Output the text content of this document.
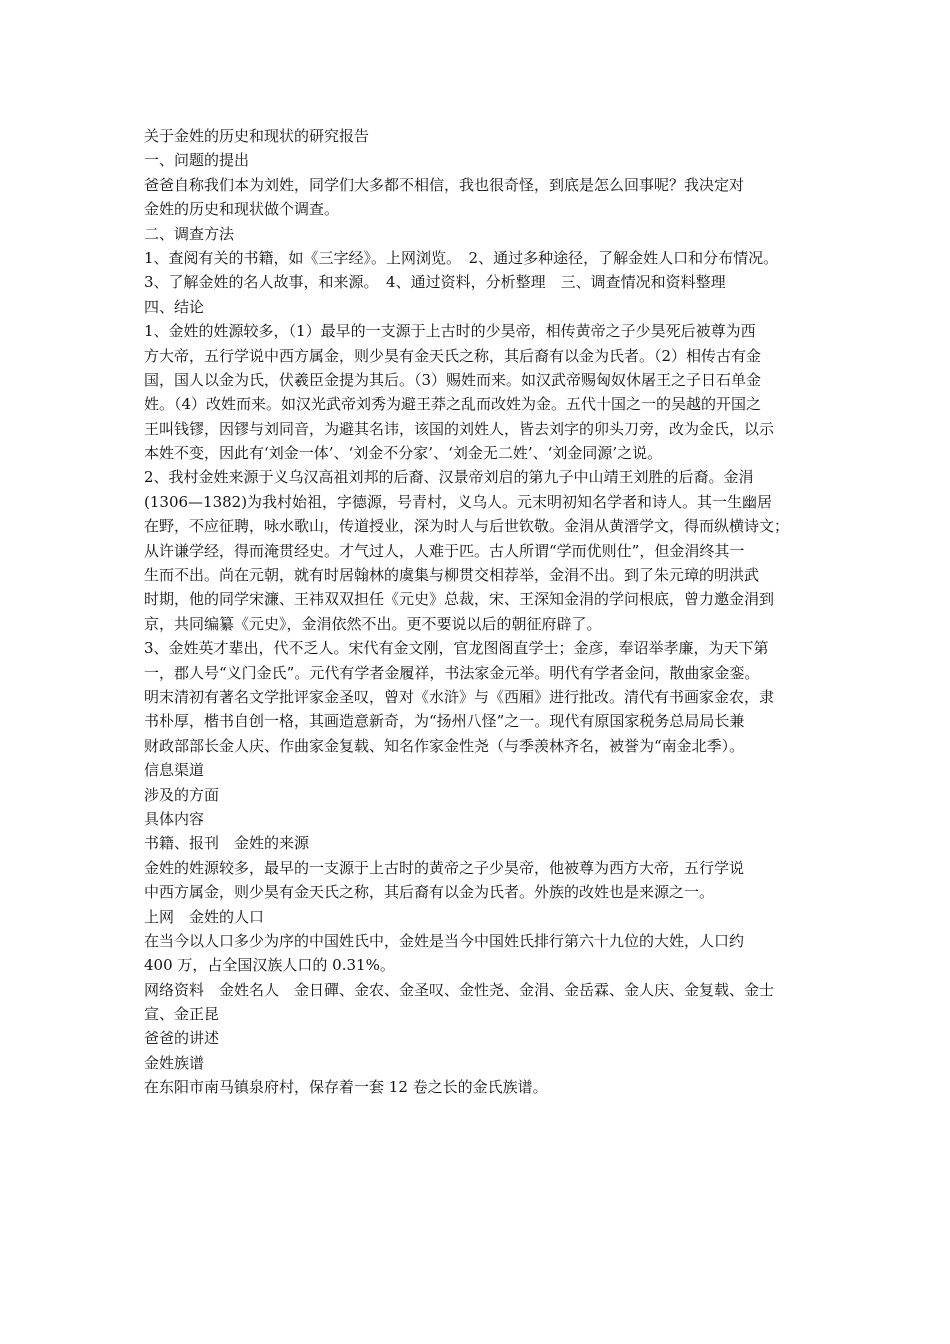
关于金姓的历史和现状的研究报告
一、问题的提出
爸爸自称我们本为刘姓，同学们大多都不相信，我也很奇怪，到底是怎么回事呢？我决定对
金姓的历史和现状做个调查。
二、调查方法
1、查阅有关的书籍，如《三字经》。上网浏览。　2、通过多种途径，了解金姓人口和分布情况。
3、了解金姓的名人故事，和来源。　4、通过资料，分析整理　三、调查情况和资料整理
四、结论
1、金姓的姓源较多，（1）最早的一支源于上古时的少昊帝，相传黄帝之子少昊死后被尊为西
方大帝，五行学说中西方属金，则少昊有金天氏之称，其后裔有以金为氏者。（2）相传古有金
国，国人以金为氏，伏羲臣金提为其后。（3）赐姓而来。如汉武帝赐匈奴休屠王之子日石单金
姓。（4）改姓而来。如汉光武帝刘秀为避王莽之乱而改姓为金。五代十国之一的吴越的开国之
王叫钱镠，因镠与刘同音，为避其名讳，该国的刘姓人，皆去刘字的卯头刀旁，改为金氏，以示
本姓不变，因此有‘刘金一体’、‘刘金不分家’、‘刘金无二姓’、‘刘金同源’之说。
2、我村金姓来源于义乌汉高祖刘邦的后裔、汉景帝刘启的第九子中山靖王刘胜的后裔。金涓
(1306—1382)为我村始祖，字德源，号青村，义乌人。元末明初知名学者和诗人。其一生幽居
在野，不应征聘，咏水歌山，传道授业，深为时人与后世钦敬。金涓从黄溍学文，得而纵横诗文；
从许谦学经，得而淹贯经史。才气过人，人难于匹。古人所谓“学而优则仕”，但金涓终其一
生而不出。尚在元朝，就有时居翰林的虞集与柳贯交相荐举，金涓不出。到了朱元璋的明洪武
时期，他的同学宋濂、王祎双双担任《元史》总裁，宋、王深知金涓的学问根底，曾力邀金涓到
京，共同编纂《元史》，金涓依然不出。更不要说以后的朝征府辟了。
3、金姓英才辈出，代不乏人。宋代有金文刚，官龙图阁直学士；金彦，奉诏举孝廉，为天下第
一，郡人号“义门金氏”。元代有学者金履祥，书法家金元举。明代有学者金问，散曲家金銮。
明末清初有著名文学批评家金圣叹，曾对《水浒》与《西厢》进行批改。清代有书画家金农，隶
书朴厚，楷书自创一格，其画造意新奇，为“扬州八怪”之一。现代有原国家税务总局局长兼
财政部部长金人庆、作曲家金复载、知名作家金性尧（与季羡林齐名，被誉为“南金北季）。
信息渠道
涉及的方面
具体内容
书籍、报刊　金姓的来源
金姓的姓源较多，最早的一支源于上古时的黄帝之子少昊帝，他被尊为西方大帝，五行学说
中西方属金，则少昊有金天氏之称，其后裔有以金为氏者。外族的改姓也是来源之一。
上网　金姓的人口
在当今以人口多少为序的中国姓氏中，金姓是当今中国姓氏排行第六十九位的大姓，人口约
400 万，占全国汉族人口的 0.31%。
网络资料　金姓名人　金日磾、金农、金圣叹、金性尧、金涓、金岳霖、金人庆、金复载、金士
宣、金正昆
爸爸的讲述
金姓族谱
在东阳市南马镇泉府村，保存着一套 12 卷之长的金氏族谱。
